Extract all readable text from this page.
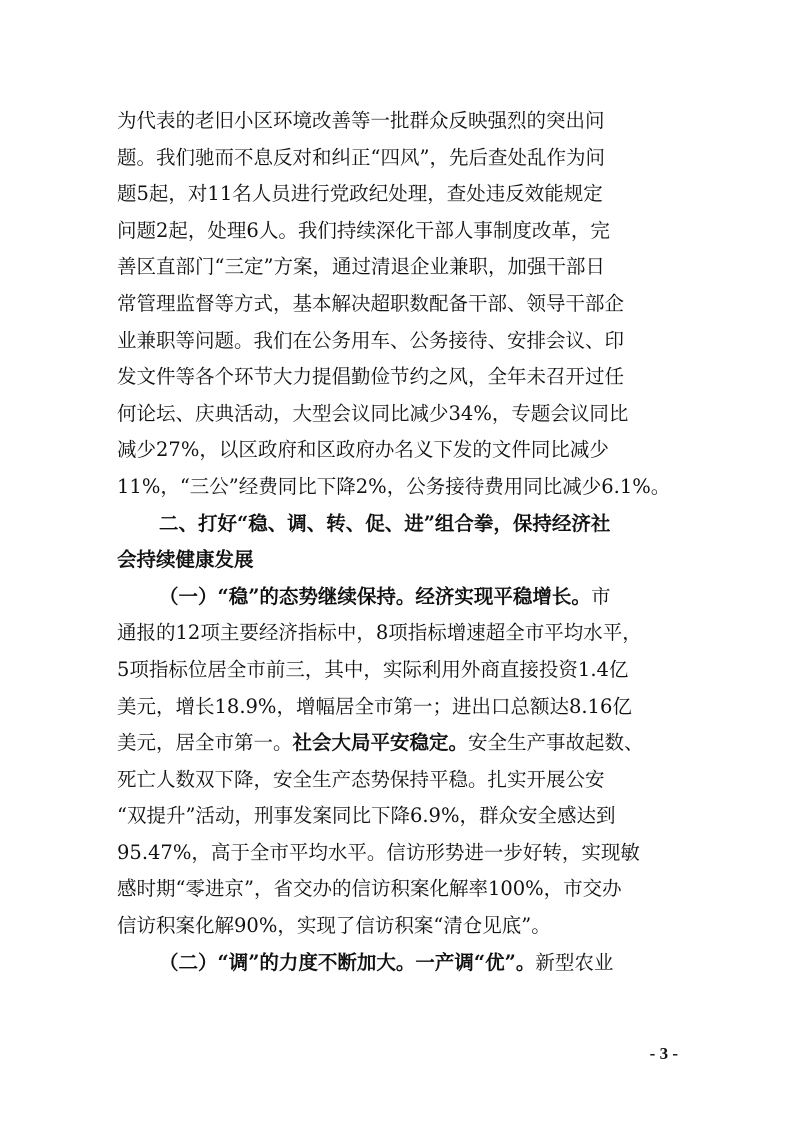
为代表的老旧小区环境改善等一批群众反映强烈的突出问
题。我们驰而不息反对和纠正“四风”，先后查处乱作为问
题5起，对11名人员进行党政纪处理，查处违反效能规定
问题2起，处理6人。我们持续深化干部人事制度改革，完
善区直部门“三定”方案，通过清退企业兼职，加强干部日
常管理监督等方式，基本解决超职数配备干部、领导干部企
业兼职等问题。我们在公务用车、公务接待、安排会议、印
发文件等各个环节大力提倡勤俭节约之风，全年未召开过任
何论坛、庆典活动，大型会议同比减少34%，专题会议同比
减少27%，以区政府和区政府办名义下发的文件同比减少
11%，“三公”经费同比下降2%，公务接待费用同比减少6.1%。
二、打好“稳、调、转、促、进”组合拳，保持经济社
会持续健康发展
（一）“稳”的态势继续保持。经济实现平稳增长。市
通报的12项主要经济指标中，8项指标增速超全市平均水平，
5项指标位居全市前三，其中，实际利用外商直接投资1.4亿
美元，增长18.9%，增幅居全市第一；进出口总额达8.16亿
美元，居全市第一。社会大局平安稳定。安全生产事故起数、
死亡人数双下降，安全生产态势保持平稳。扎实开展公安
“双提升”活动，刑事发案同比下降6.9%，群众安全感达到
95.47%，高于全市平均水平。信访形势进一步好转，实现敏
感时期“零进京”，省交办的信访积案化解率100%，市交办
信访积案化解90%，实现了信访积案“清仓见底”。
（二）“调”的力度不断加大。一产调“优”。新型农业
- 3 -
